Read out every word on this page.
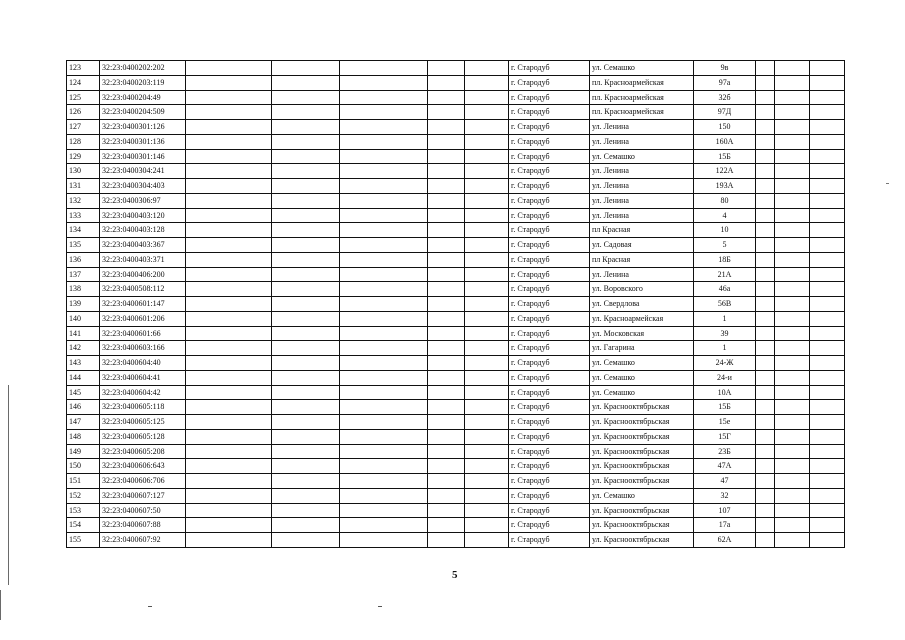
123	32:23:0400202:202						г. Стародуб	ул. Семашко	9в			
124	32:23:0400203:119						г. Стародуб	пл. Красноармейская	97а			
125	32:23:0400204:49						г. Стародуб	пл. Красноармейская	32б			
126	32:23:0400204:509						г. Стародуб	пл. Красноармейская	97Д			
127	32:23:0400301:126						г. Стародуб	ул. Ленина	150			
128	32:23:0400301:136						г. Стародуб	ул. Ленина	160А			
129	32:23:0400301:146						г. Стародуб	ул. Семашко	15Б			
130	32:23:0400304:241						г. Стародуб	ул. Ленина	122А			
131	32:23:0400304:403						г. Стародуб	ул. Ленина	193А			
132	32:23:0400306:97						г. Стародуб	ул. Ленина	80			
133	32:23:0400403:120						г. Стародуб	ул. Ленина	4			
134	32:23:0400403:128						г. Стародуб	пл Красная	10			
135	32:23:0400403:367						г. Стародуб	ул. Садовая	5			
136	32:23:0400403:371						г. Стародуб	пл Красная	18Б			
137	32:23:0400406:200						г. Стародуб	ул. Ленина	21А			
138	32:23:0400508:112						г. Стародуб	ул. Воровского	46а			
139	32:23:0400601:147						г. Стародуб	ул. Свердлова	56В			
140	32:23:0400601:206						г. Стародуб	ул. Красноармейская	1			
141	32:23:0400601:66						г. Стародуб	ул. Московская	39			
142	32:23:0400603:166						г. Стародуб	ул. Гагарина	1			
143	32:23:0400604:40						г. Стародуб	ул. Семашко	24-Ж			
144	32:23:0400604:41						г. Стародуб	ул. Семашко	24-и			
145	32:23:0400604:42						г. Стародуб	ул. Семашко	10А			
146	32:23:0400605:118						г. Стародуб	ул. Краснооктябрьская	15Б			
147	32:23:0400605:125						г. Стародуб	ул. Краснооктябрьская	15е			
148	32:23:0400605:128						г. Стародуб	ул. Краснооктябрьская	15Г			
149	32:23:0400605:208						г. Стародуб	ул. Краснооктябрьская	23Б			
150	32:23:0400606:643						г. Стародуб	ул. Краснооктябрьская	47А			
151	32:23:0400606:706						г. Стародуб	ул. Краснооктябрьская	47			
152	32:23:0400607:127						г. Стародуб	ул. Семашко	32			
153	32:23:0400607:50						г. Стародуб	ул. Краснооктябрьская	107			
154	32:23:0400607:88						г. Стародуб	ул. Краснооктябрьская	17а			
155	32:23:0400607:92						г. Стародуб	ул. Краснооктябрьская	62А			
5
